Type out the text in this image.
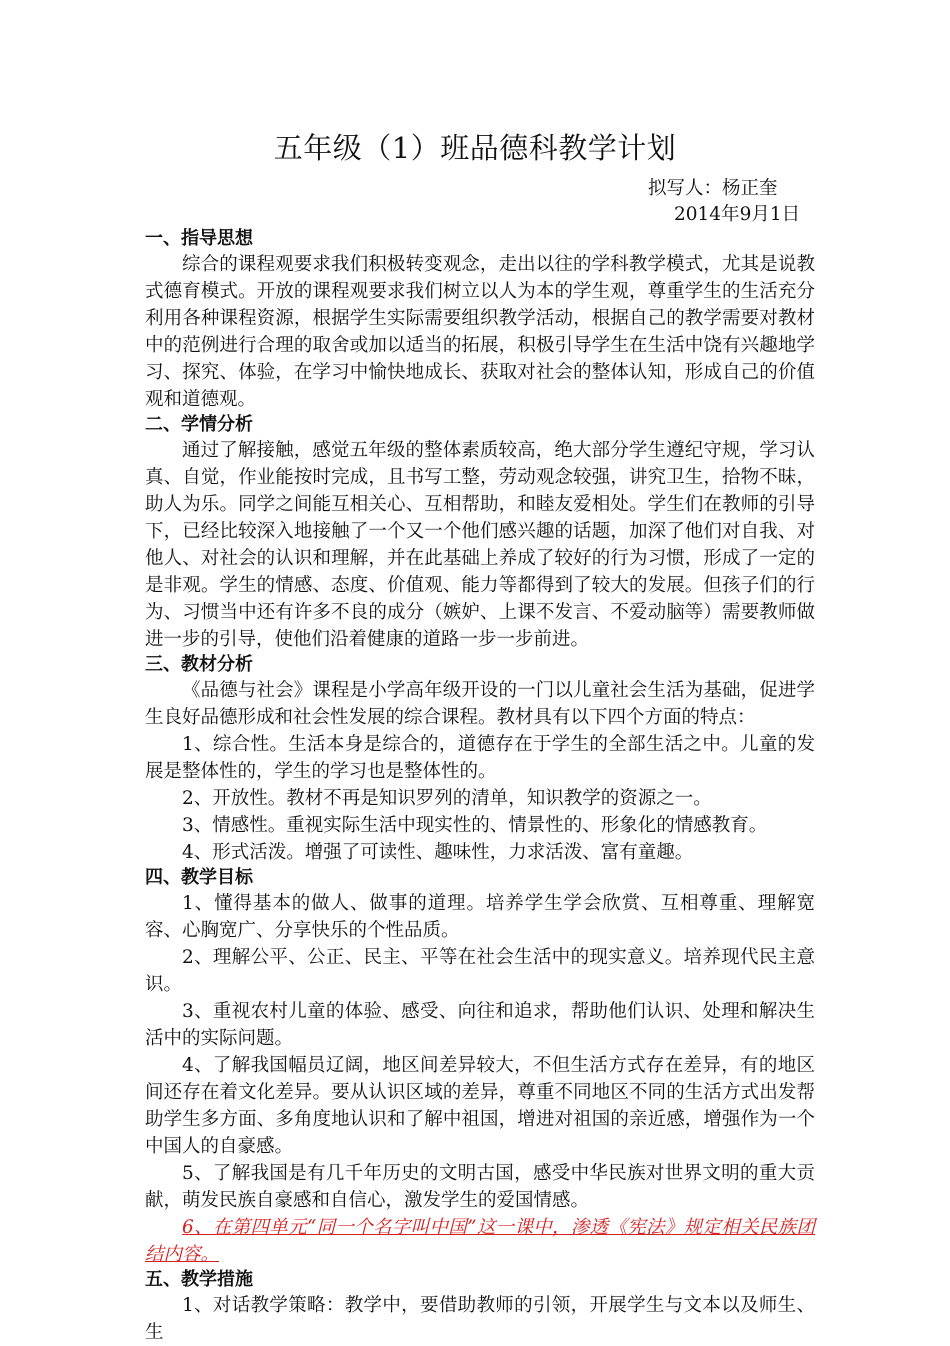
五年级（1）班品德科教学计划
拟写人：杨正奎
2014年9月1日
一、指导思想
综合的课程观要求我们积极转变观念，走出以往的学科教学模式，尤其是说教式德育模式。开放的课程观要求我们树立以人为本的学生观，尊重学生的生活充分利用各种课程资源，根据学生实际需要组织教学活动，根据自己的教学需要对教材中的范例进行合理的取舍或加以适当的拓展，积极引导学生在生活中饶有兴趣地学习、探究、体验，在学习中愉快地成长、获取对社会的整体认知，形成自己的价值观和道德观。
二、学情分析
通过了解接触，感觉五年级的整体素质较高，绝大部分学生遵纪守规，学习认真、自觉，作业能按时完成，且书写工整，劳动观念较强，讲究卫生，拾物不昧，助人为乐。同学之间能互相关心、互相帮助，和睦友爱相处。学生们在教师的引导下，已经比较深入地接触了一个又一个他们感兴趣的话题，加深了他们对自我、对他人、对社会的认识和理解，并在此基础上养成了较好的行为习惯，形成了一定的是非观。学生的情感、态度、价值观、能力等都得到了较大的发展。但孩子们的行为、习惯当中还有许多不良的成分（嫉妒、上课不发言、不爱动脑等）需要教师做进一步的引导，使他们沿着健康的道路一步一步前进。
三、教材分析
《品德与社会》课程是小学高年级开设的一门以儿童社会生活为基础，促进学生良好品德形成和社会性发展的综合课程。教材具有以下四个方面的特点：
1、综合性。生活本身是综合的，道德存在于学生的全部生活之中。儿童的发展是整体性的，学生的学习也是整体性的。
2、开放性。教材不再是知识罗列的清单，知识教学的资源之一。
3、情感性。重视实际生活中现实性的、情景性的、形象化的情感教育。
4、形式活泼。增强了可读性、趣味性，力求活泼、富有童趣。
四、教学目标
1、懂得基本的做人、做事的道理。培养学生学会欣赏、互相尊重、理解宽容、心胸宽广、分享快乐的个性品质。
2、理解公平、公正、民主、平等在社会生活中的现实意义。培养现代民主意识。
3、重视农村儿童的体验、感受、向往和追求，帮助他们认识、处理和解决生活中的实际问题。
4、了解我国幅员辽阔，地区间差异较大，不但生活方式存在差异，有的地区间还存在着文化差异。要从认识区域的差异，尊重不同地区不同的生活方式出发帮助学生多方面、多角度地认识和了解中祖国，增进对祖国的亲近感，增强作为一个中国人的自豪感。
5、了解我国是有几千年历史的文明古国，感受中华民族对世界文明的重大贡献，萌发民族自豪感和自信心，激发学生的爱国情感。
6、在第四单元“同一个名字叫中国”这一课中，渗透《宪法》规定相关民族团结内容。
五、教学措施
1、对话教学策略：教学中，要借助教师的引领，开展学生与文本以及师生、生
